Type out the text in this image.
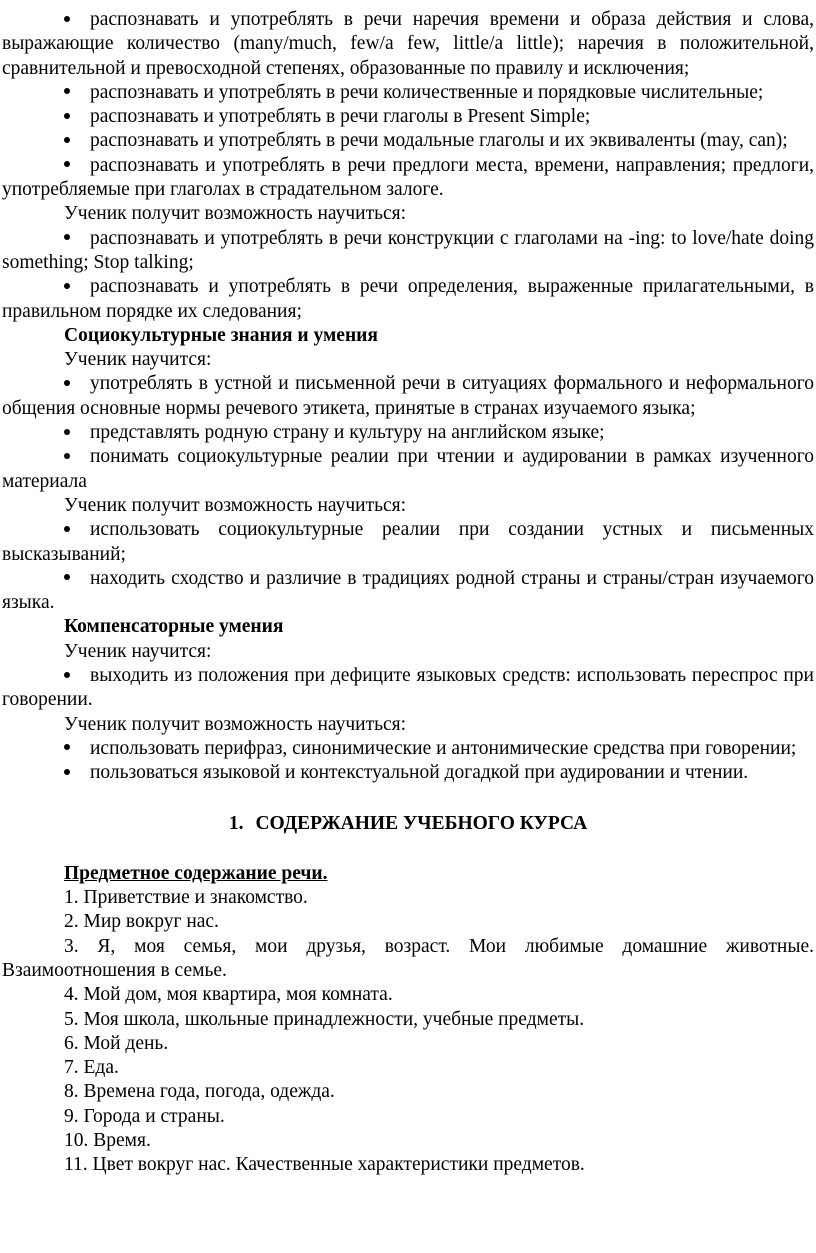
распознавать и употреблять в речи наречия времени и образа действия и слова, выражающие количество (many/much, few/a few, little/a little); наречия в положительной, сравнительной и превосходной степенях, образованные по правилу и исключения;

распознавать и употреблять в речи количественные и порядковые числительные;

распознавать и употреблять в речи глаголы в Present Simple;

распознавать и употреблять в речи модальные глаголы и их эквиваленты (may, can);

распознавать и употреблять в речи предлоги места, времени, направления; предлоги, употребляемые при глаголах в страдательном залоге.

Ученик получит возможность научиться:

распознавать и употреблять в речи конструкции с глаголами на -ing: to love/hate doing something; Stop talking;

распознавать и употреблять в речи определения, выраженные прилагательными, в правильном порядке их следования;

Социокультурные знания и умения

Ученик научится:

употреблять в устной и письменной речи в ситуациях формального и неформального общения основные нормы речевого этикета, принятые в странах изучаемого языка;

представлять родную страну и культуру на английском языке;

понимать социокультурные реалии при чтении и аудировании в рамках изученного материала

Ученик получит возможность научиться:

использовать социокультурные реалии при создании устных и письменных высказываний;

находить сходство и различие в традициях родной страны и страны/стран изучаемого языка.

Компенсаторные умения

Ученик научится:

выходить из положения при дефиците языковых средств: использовать переспрос при говорении.

Ученик получит возможность научиться:

использовать перифраз, синонимические и антонимические средства при говорении;

пользоваться языковой и контекстуальной догадкой при аудировании и чтении.

1. СОДЕРЖАНИЕ УЧЕБНОГО КУРСА

Предметное содержание речи.

1. Приветствие и знакомство.

2. Мир вокруг нас.

3. Я, моя семья, мои друзья, возраст. Мои любимые домашние животные. Взаимоотношения в семье.

4. Мой дом, моя квартира, моя комната.

5. Моя школа, школьные принадлежности, учебные предметы.

6. Мой день.

7. Еда.

8. Времена года, погода, одежда.

9. Города и страны.

10. Время.

11. Цвет вокруг нас. Качественные характеристики предметов.
